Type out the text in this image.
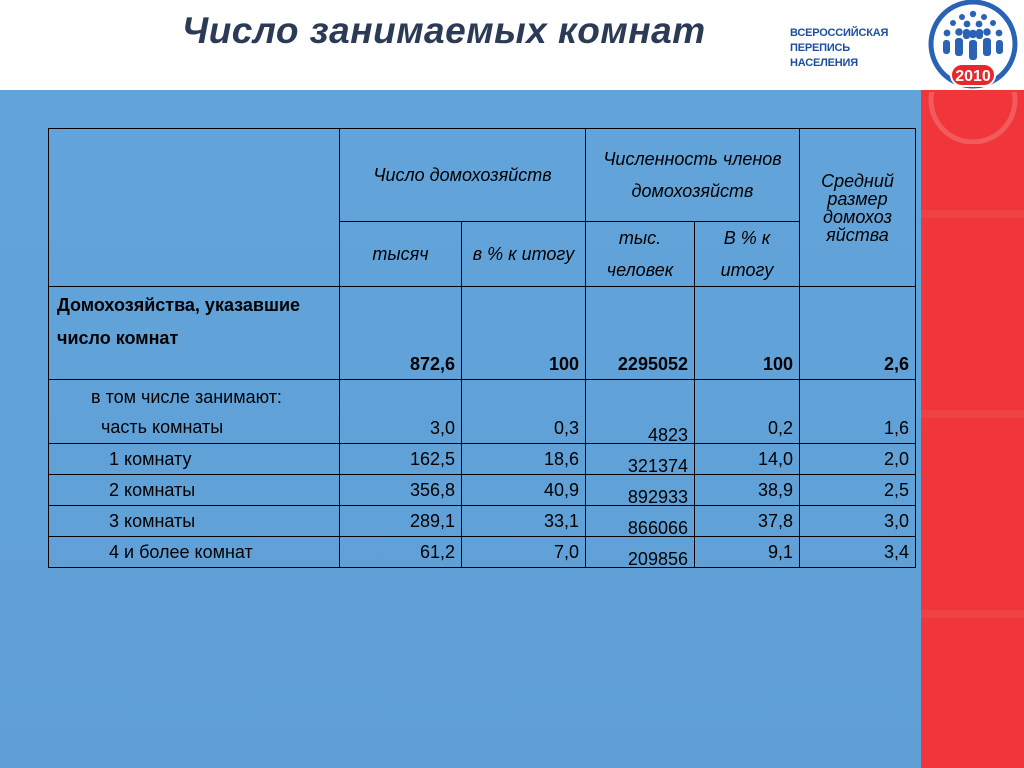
Число занимаемых комнат	ВСЕРОССИЙСКАЯ
ПЕРЕПИСЬ НАСЕЛЕНИЯ
2010
	Число домохозяйств		Численность членов домохозяйств		Средний размер домохоз яйства
	тысяч	в % к итогу	тыс. человек	В % к итогу	
Домохозяйства, указавшие число комнат	872,6	100	2295052	100	2,6
в том числе занимают:
часть комнаты	3,0	0,3	4823	0,2	1,6
1 комнату	162,5	18,6	321374	14,0	2,0
2 комнаты	356,8	40,9	892933	38,9	2,5
3 комнаты	289,1	33,1	866066	37,8	3,0
4 и более комнат	61,2	7,0	209856	9,1	3,4
